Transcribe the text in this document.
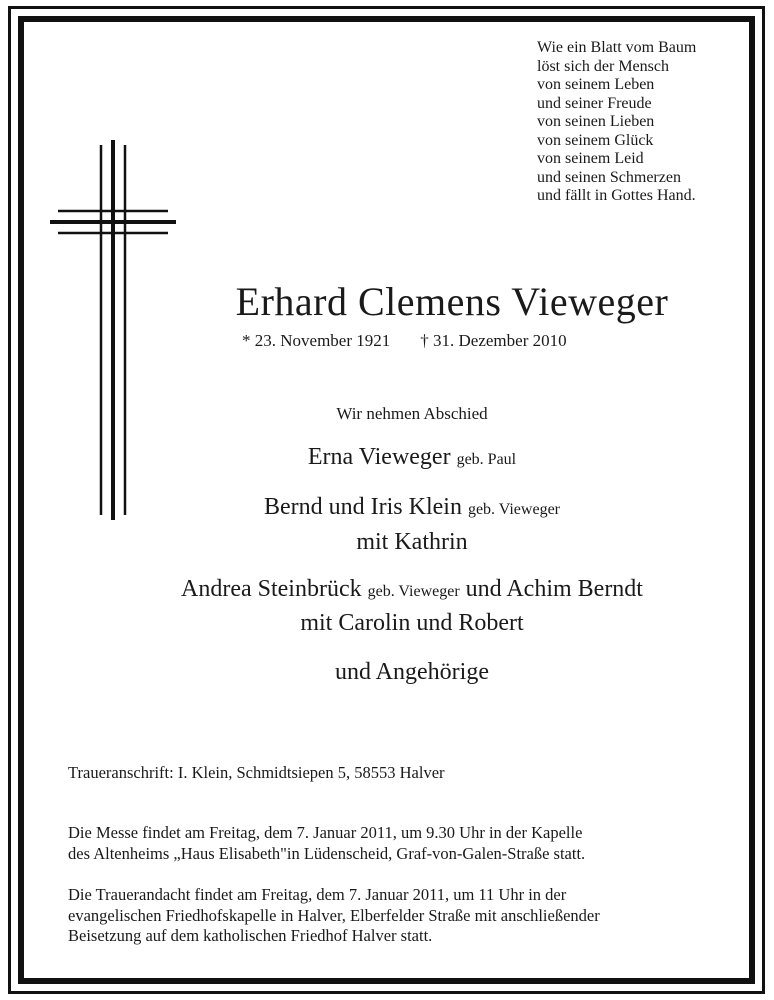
Wie ein Blatt vom Baum
löst sich der Mensch
von seinem Leben
und seiner Freude
von seinen Lieben
von seinem Glück
von seinem Leid
und seinen Schmerzen
und fällt in Gottes Hand.
Erhard Clemens Vieweger
* 23. November 1921 † 31. Dezember 2010
Wir nehmen Abschied
Erna Vieweger geb. Paul
Bernd und Iris Klein geb. Vieweger
mit Kathrin
Andrea Steinbrück geb. Vieweger und Achim Berndt
mit Carolin und Robert
und Angehörige
Traueranschrift: I. Klein, Schmidtsiepen 5, 58553 Halver
Die Messe findet am Freitag, dem 7. Januar 2011, um 9.30 Uhr in der Kapelle
des Altenheims „Haus Elisabeth"in Lüdenscheid, Graf-von-Galen-Straße statt.
Die Trauerandacht findet am Freitag, dem 7. Januar 2011, um 11 Uhr in der
evangelischen Friedhofskapelle in Halver, Elberfelder Straße mit anschließender
Beisetzung auf dem katholischen Friedhof Halver statt.
